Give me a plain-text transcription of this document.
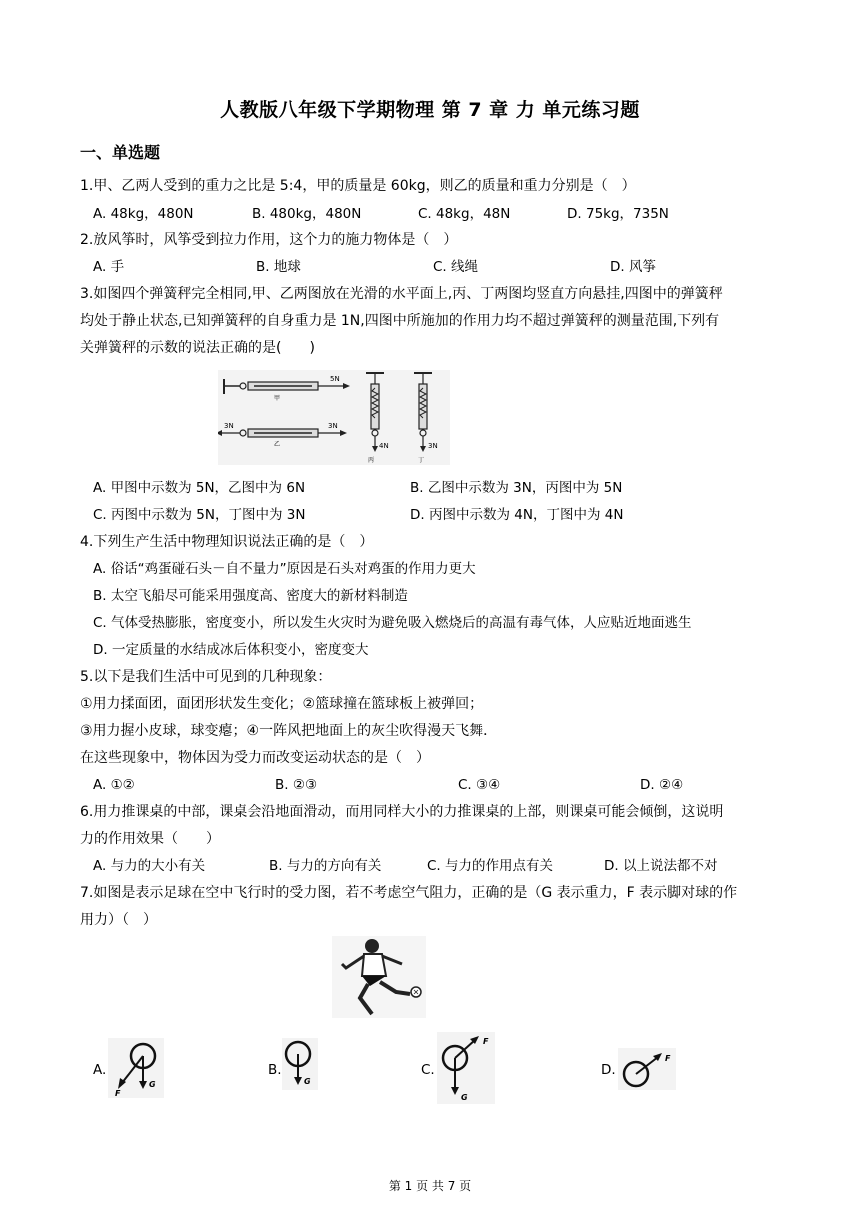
人教版八年级下学期物理 第 7 章 力 单元练习题
一、单选题
1.甲、乙两人受到的重力之比是 5:4，甲的质量是 60kg，则乙的质量和重力分别是（　）
A. 48kg，480N	B. 480kg，480N	C. 48kg，48N	D. 75kg，735N
2.放风筝时，风筝受到拉力作用，这个力的施力物体是（　）
A. 手	B. 地球	C. 线绳	D. 风筝
3.如图四个弹簧秤完全相同,甲、乙两图放在光滑的水平面上,丙、丁两图均竖直方向悬挂,四图中的弹簧秤
均处于静止状态,已知弹簧秤的自身重力是 1N,四图中所施加的作用力均不超过弹簧秤的测量范围,下列有
关弹簧秤的示数的说法正确的是(　　)
5N
甲
3N	3N
乙	4N
丙
3N
丁
A. 甲图中示数为 5N，乙图中为 6N	B. 乙图中示数为 3N，丙图中为 5N
C. 丙图中示数为 5N，丁图中为 3N	D. 丙图中示数为 4N，丁图中为 4N
4.下列生产生活中物理知识说法正确的是（　）
A. 俗话“鸡蛋碰石头－自不量力”原因是石头对鸡蛋的作用力更大
B. 太空飞船尽可能采用强度高、密度大的新材料制造
C. 气体受热膨胀，密度变小，所以发生火灾时为避免吸入燃烧后的高温有毒气体，人应贴近地面逃生
D. 一定质量的水结成冰后体积变小，密度变大
5.以下是我们生活中可见到的几种现象：
①用力揉面团，面团形状发生变化；②篮球撞在篮球板上被弹回；
③用力握小皮球，球变瘪；④一阵风把地面上的灰尘吹得漫天飞舞．
在这些现象中，物体因为受力而改变运动状态的是（　）
A. ①②	B. ②③	C. ③④	D. ②④
6.用力推课桌的中部，课桌会沿地面滑动，而用同样大小的力推课桌的上部，则课桌可能会倾倒，这说明
力的作用效果（　　）
A. 与力的大小有关	B. 与力的方向有关	C. 与力的作用点有关	D. 以上说法都不对
7.如图是表示足球在空中飞行时的受力图，若不考虑空气阻力，正确的是（G 表示重力，F 表示脚对球的作
用力）（　）
A.
G
F
B.
G
C.
F
G
D.
F
第 1 页 共 7 页
